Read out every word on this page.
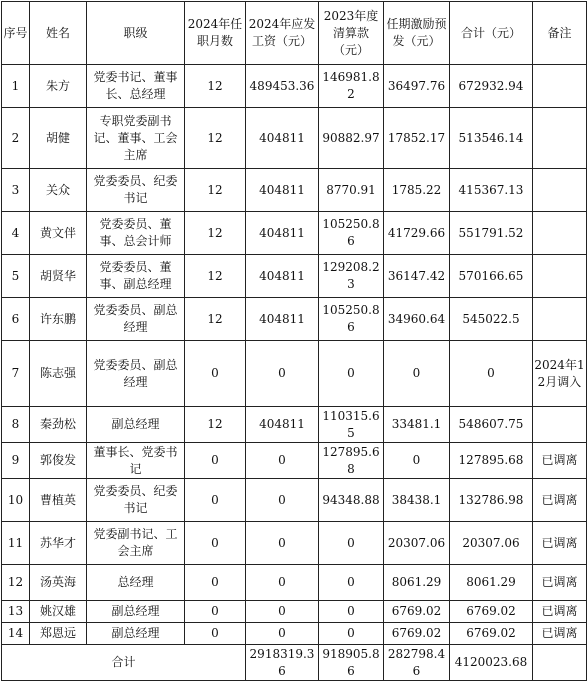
序号	姓名	职级	2024年任职月数	2024年应发工资（元）	2023年度清算款（元）	任期激励预发（元）	合计（元）	备注
1	朱方	党委书记、董事长、总经理	12	489453.36	146981.82	36497.76	672932.94	
2	胡健	专职党委副书记、董事、工会主席	12	404811	90882.97	17852.17	513546.14	
3	关众	党委委员、纪委书记	12	404811	8770.91	1785.22	415367.13	
4	黄文伴	党委委员、董事、总会计师	12	404811	105250.86	41729.66	551791.52	
5	胡贤华	党委委员、董事、副总经理	12	404811	129208.23	36147.42	570166.65	
6	许东鹏	党委委员、副总经理	12	404811	105250.86	34960.64	545022.5	
7	陈志强	党委委员、副总经理	0	0	0	0	0	2024年12月调入
8	秦劲松	副总经理	12	404811	110315.65	33481.1	548607.75	
9	郭俊发	董事长、党委书记	0	0	127895.68	0	127895.68	已调离
10	曹植英	党委委员、纪委书记	0	0	94348.88	38438.1	132786.98	已调离
11	苏华才	党委副书记、工会主席	0	0	0	20307.06	20307.06	已调离
12	汤英海	总经理	0	0	0	8061.29	8061.29	已调离
13	姚汉雄	副总经理	0	0	0	6769.02	6769.02	已调离
14	郑恩远	副总经理	0	0	0	6769.02	6769.02	已调离
合计				2918319.36	918905.86	282798.46	4120023.68	
